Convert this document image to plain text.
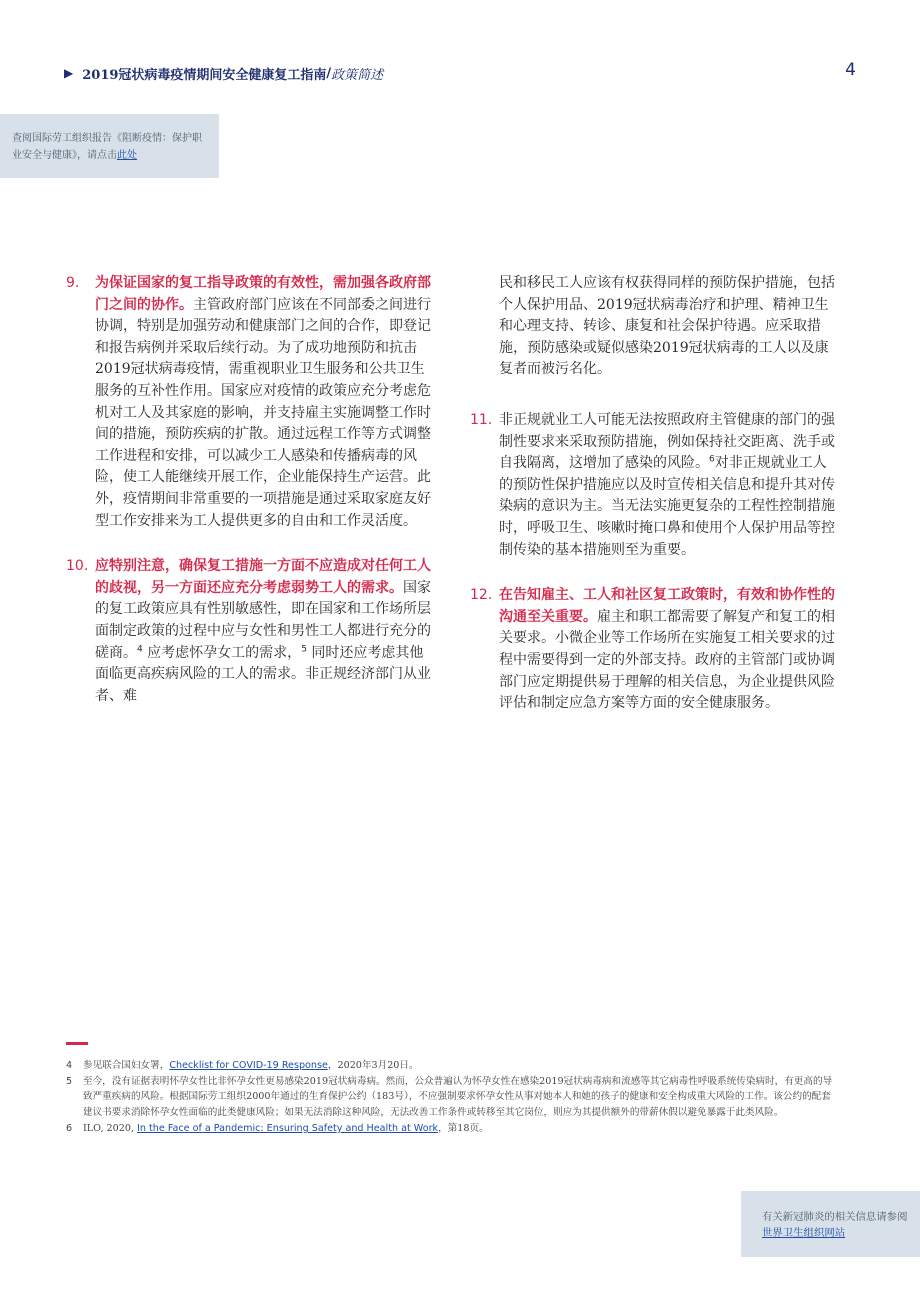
▶ 2019冠状病毒疫情期间安全健康复工指南 / 政策简述	4
查阅国际劳工组织报告《阻断疫情：保护职业安全与健康》，请点击此处
9. 为保证国家的复工指导政策的有效性，需加强各政府部门之间的协作。主管政府部门应该在不同部委之间进行协调，特别是加强劳动和健康部门之间的合作，即登记和报告病例并采取后续行动。为了成功地预防和抗击2019冠状病毒疫情，需重视职业卫生服务和公共卫生服务的互补性作用。国家应对疫情的政策应充分考虑危机对工人及其家庭的影响，并支持雇主实施调整工作时间的措施，预防疾病的扩散。通过远程工作等方式调整工作进程和安排，可以减少工人感染和传播病毒的风险，使工人能继续开展工作，企业能保持生产运营。此外，疫情期间非常重要的一项措施是通过采取家庭友好型工作安排来为工人提供更多的自由和工作灵活度。
10. 应特别注意，确保复工措施一方面不应造成对任何工人的歧视，另一方面还应充分考虑弱势工人的需求。国家的复工政策应具有性别敏感性，即在国家和工作场所层面制定政策的过程中应与女性和男性工人都进行充分的磋商。$^4$ 应考虑怀孕女工的需求，$^5$ 同时还应考虑其他面临更高疾病风险的工人的需求。非正规经济部门从业者、难
民和移民工人应该有权获得同样的预防保护措施，包括个人保护用品、2019冠状病毒治疗和护理、精神卫生和心理支持、转诊、康复和社会保护待遇。应采取措施，预防感染或疑似感染2019冠状病毒的工人以及康复者而被污名化。
11. 非正规就业工人可能无法按照政府主管健康的部门的强制性要求来采取预防措施，例如保持社交距离、洗手或自我隔离，这增加了感染的风险。$^6$对非正规就业工人的预防性保护措施应以及时宣传相关信息和提升其对传染病的意识为主。当无法实施更复杂的工程性控制措施时，呼吸卫生、咳嗽时掩口鼻和使用个人保护用品等控制传染的基本措施则至为重要。
12. 在告知雇主、工人和社区复工政策时，有效和协作性的沟通至关重要。雇主和职工都需要了解复产和复工的相关要求。小微企业等工作场所在实施复工相关要求的过程中需要得到一定的外部支持。政府的主管部门或协调部门应定期提供易于理解的相关信息，为企业提供风险评估和制定应急方案等方面的安全健康服务。
4 参见联合国妇女署，Checklist for COVID-19 Response，2020年3月20日。
5 至今，没有证据表明怀孕女性比非怀孕女性更易感染2019冠状病毒病。然而，公众普遍认为怀孕女性在感染2019冠状病毒病和流感等其它病毒性呼吸系统传染病时，有更高的导致严重疾病的风险。根据国际劳工组织2000年通过的生育保护公约（183号），不应强制要求怀孕女性从事对她本人和她的孩子的健康和安全构成重大风险的工作。该公约的配套建议书要求消除怀孕女性面临的此类健康风险；如果无法消除这种风险，无法改善工作条件或转移至其它岗位，则应为其提供额外的带薪休假以避免暴露于此类风险。
6 ILO, 2020, In the Face of a Pandemic: Ensuring Safety and Health at Work，第18页。
有关新冠肺炎的相关信息请参阅世界卫生组织网站
